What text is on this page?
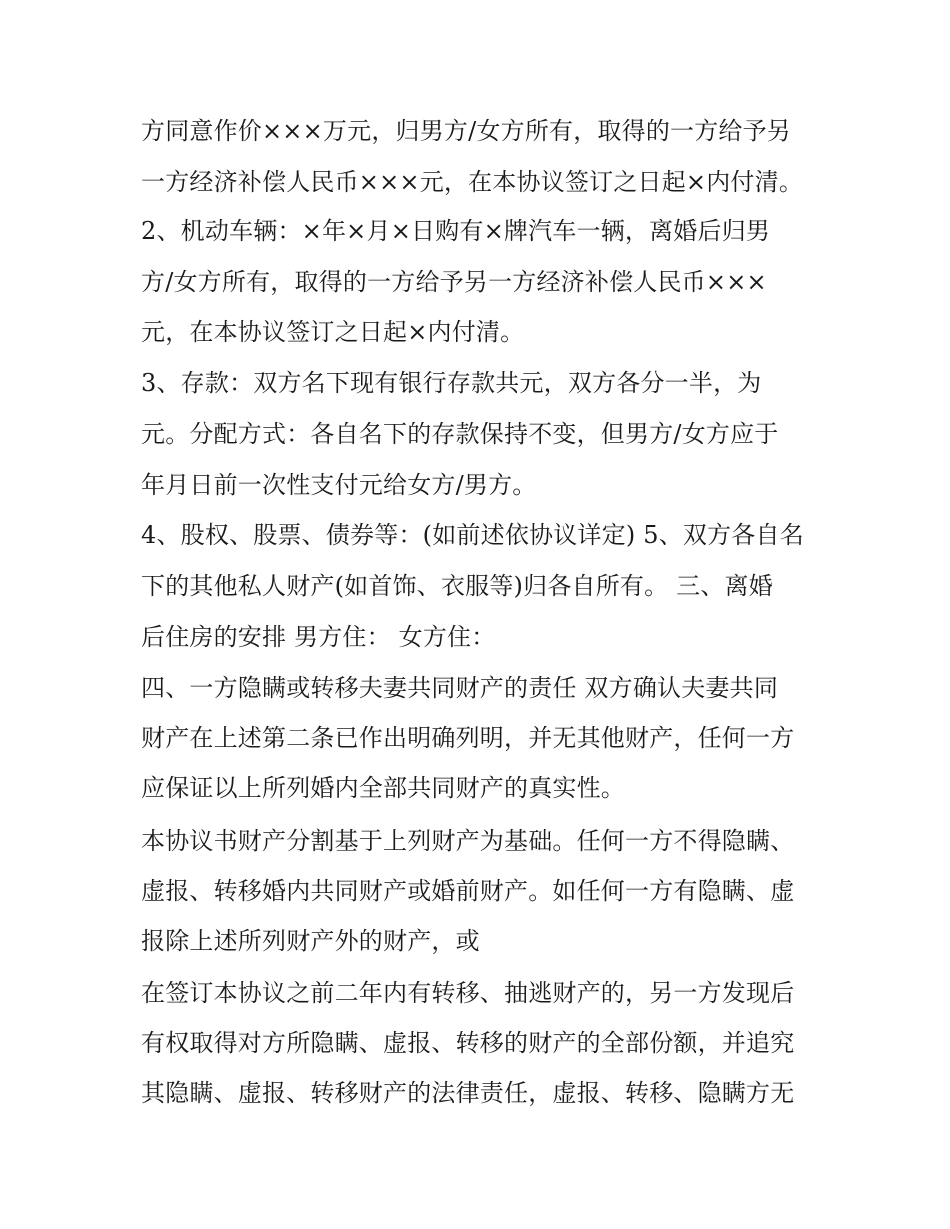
方同意作价×××万元，归男方/女方所有，取得的一方给予另
一方经济补偿人民币×××元，在本协议签订之日起×内付清。
2、机动车辆：×年×月×日购有×牌汽车一辆，离婚后归男
方/女方所有，取得的一方给予另一方经济补偿人民币×××
元，在本协议签订之日起×内付清。
3、存款：双方名下现有银行存款共元，双方各分一半，为
元。分配方式：各自名下的存款保持不变，但男方/女方应于
年月日前一次性支付元给女方/男方。
4、股权、股票、债券等：(如前述依协议详定) 5、双方各自名
下的其他私人财产(如首饰、衣服等)归各自所有。 三、离婚
后住房的安排 男方住： 女方住：
四、一方隐瞒或转移夫妻共同财产的责任 双方确认夫妻共同
财产在上述第二条已作出明确列明，并无其他财产，任何一方
应保证以上所列婚内全部共同财产的真实性。
本协议书财产分割基于上列财产为基础。任何一方不得隐瞒、
虚报、转移婚内共同财产或婚前财产。如任何一方有隐瞒、虚
报除上述所列财产外的财产，或
在签订本协议之前二年内有转移、抽逃财产的，另一方发现后
有权取得对方所隐瞒、虚报、转移的财产的全部份额，并追究
其隐瞒、虚报、转移财产的法律责任，虚报、转移、隐瞒方无
